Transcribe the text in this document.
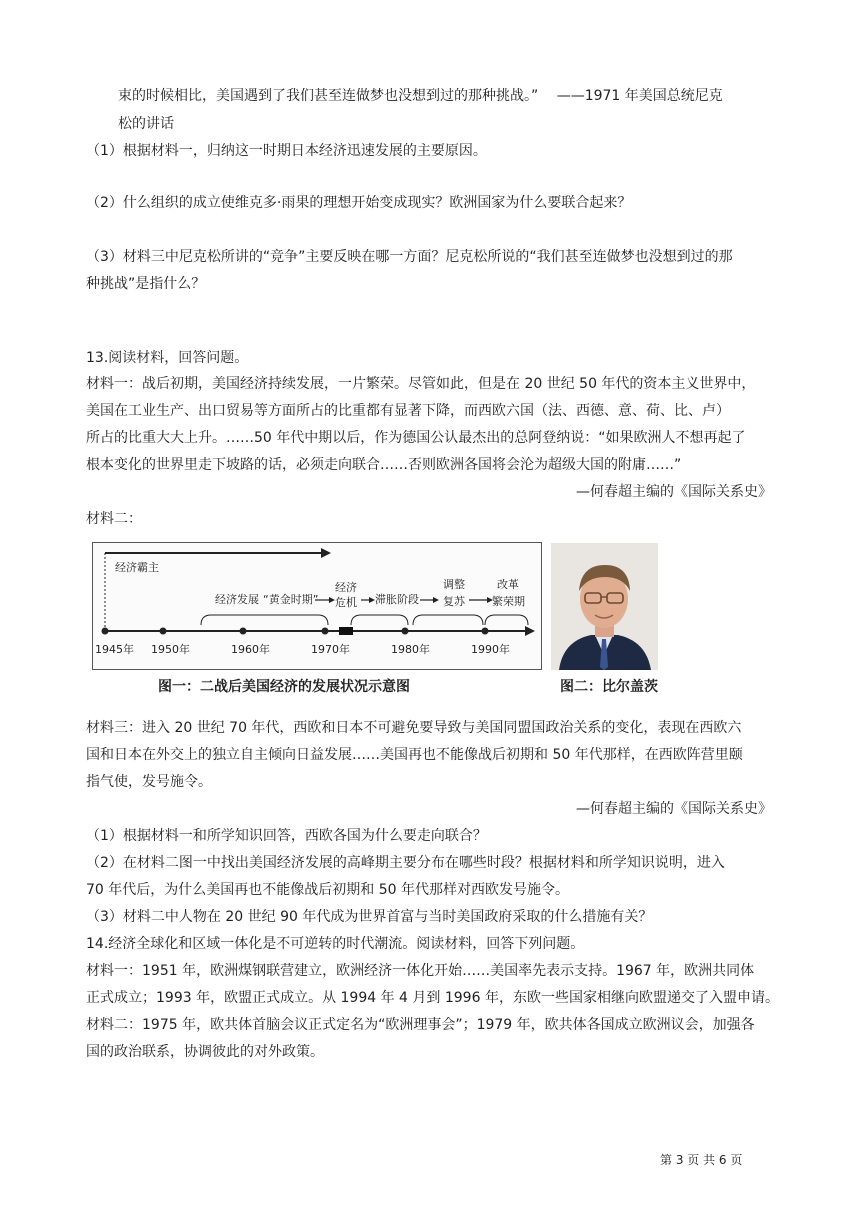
束的时候相比，美国遇到了我们甚至连做梦也没想到过的那种挑战。”　 ——1971 年美国总统尼克
松的讲话
（1）根据材料一，归纳这一时期日本经济迅速发展的主要原因。
（2）什么组织的成立使维克多·雨果的理想开始变成现实？欧洲国家为什么要联合起来？
（3）材料三中尼克松所讲的“竞争”主要反映在哪一方面？尼克松所说的“我们甚至连做梦也没想到过的那
种挑战”是指什么？
13.阅读材料，回答问题。
材料一：战后初期，美国经济持续发展，一片繁荣。尽管如此，但是在 20 世纪 50 年代的资本主义世界中，
美国在工业生产、出口贸易等方面所占的比重都有显著下降，而西欧六国（法、西德、意、荷、比、卢）
所占的比重大大上升。……50 年代中期以后，作为德国公认最杰出的总阿登纳说：“如果欧洲人不想再起了
根本变化的世界里走下坡路的话，必须走向联合……否则欧洲各国将会沦为超级大国的附庸……”
—何春超主编的《国际关系史》
材料二：
经济霸主
经济发展 “黄金时期”
经济
危机 滞胀阶段
调整
复苏
改革
繁荣期
1945年 1950年	1960年	1970年	1980年	1990年
图一：二战后美国经济的发展状况示意图	图二：比尔盖茨
材料三：进入 20 世纪 70 年代，西欧和日本不可避免要导致与美国同盟国政治关系的变化，表现在西欧六
国和日本在外交上的独立自主倾向日益发展……美国再也不能像战后初期和 50 年代那样，在西欧阵营里颐
指气使，发号施令。
—何春超主编的《国际关系史》
（1）根据材料一和所学知识回答，西欧各国为什么要走向联合？
（2）在材料二图一中找出美国经济发展的高峰期主要分布在哪些时段？根据材料和所学知识说明，进入
70 年代后，为什么美国再也不能像战后初期和 50 年代那样对西欧发号施令。
（3）材料二中人物在 20 世纪 90 年代成为世界首富与当时美国政府采取的什么措施有关？
14.经济全球化和区域一体化是不可逆转的时代潮流。阅读材料，回答下列问题。
材料一：1951 年，欧洲煤钢联营建立，欧洲经济一体化开始……美国率先表示支持。1967 年，欧洲共同体
正式成立；1993 年，欧盟正式成立。从 1994 年 4 月到 1996 年，东欧一些国家相继向欧盟递交了入盟申请。
材料二：1975 年，欧共体首脑会议正式定名为“欧洲理事会”；1979 年，欧共体各国成立欧洲议会，加强各
国的政治联系，协调彼此的对外政策。
第 3 页 共 6 页
